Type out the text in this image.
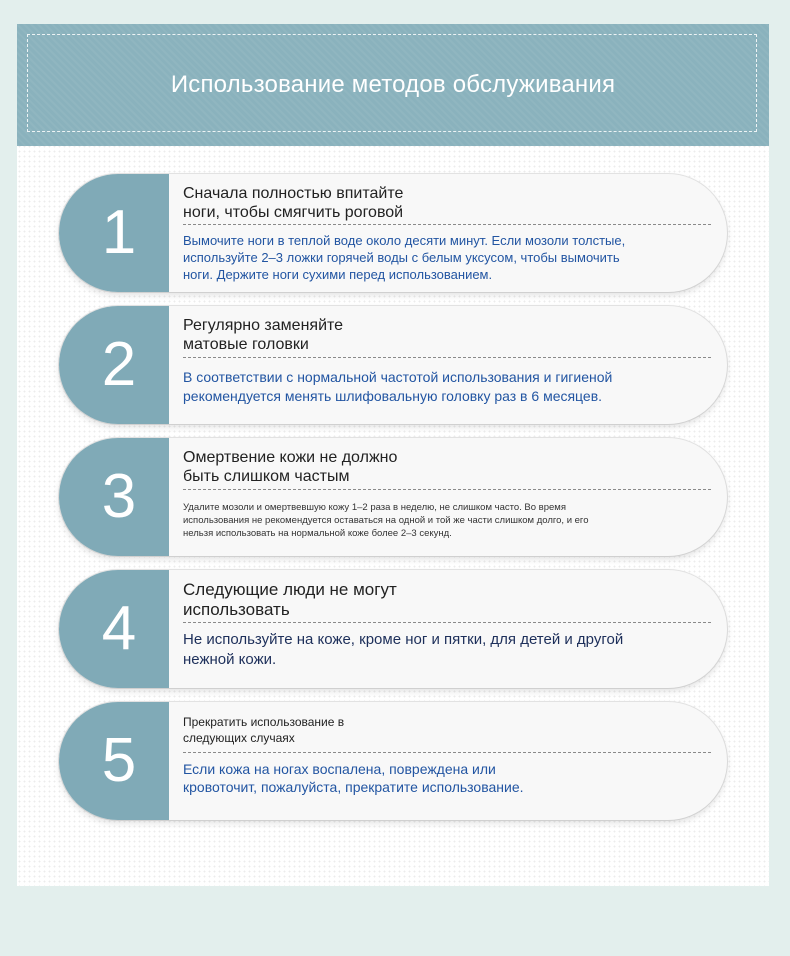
Использование методов обслуживания
1

Сначала полностью впитайте
ноги, чтобы смягчить роговой

Вымочите ноги в теплой воде около десяти минут. Если мозоли толстые,
используйте 2–3 ложки горячей воды с белым уксусом, чтобы вымочить
ноги. Держите ноги сухими перед использованием.

2

Регулярно заменяйте
матовые головки

В соответствии с нормальной частотой использования и гигиеной
рекомендуется менять шлифовальную головку раз в 6 месяцев.

3

Омертвение кожи не должно
быть слишком частым

Удалите мозоли и омертвевшую кожу 1–2 раза в неделю, не слишком часто. Во время
использования не рекомендуется оставаться на одной и той же части слишком долго, и его
нельзя использовать на нормальной коже более 2–3 секунд.

4

Следующие люди не могут
использовать

Не используйте на коже, кроме ног и пятки, для детей и другой
нежной кожи.

5

Прекратить использование в
следующих случаях

Если кожа на ногах воспалена, повреждена или
кровоточит, пожалуйста, прекратите использование.
